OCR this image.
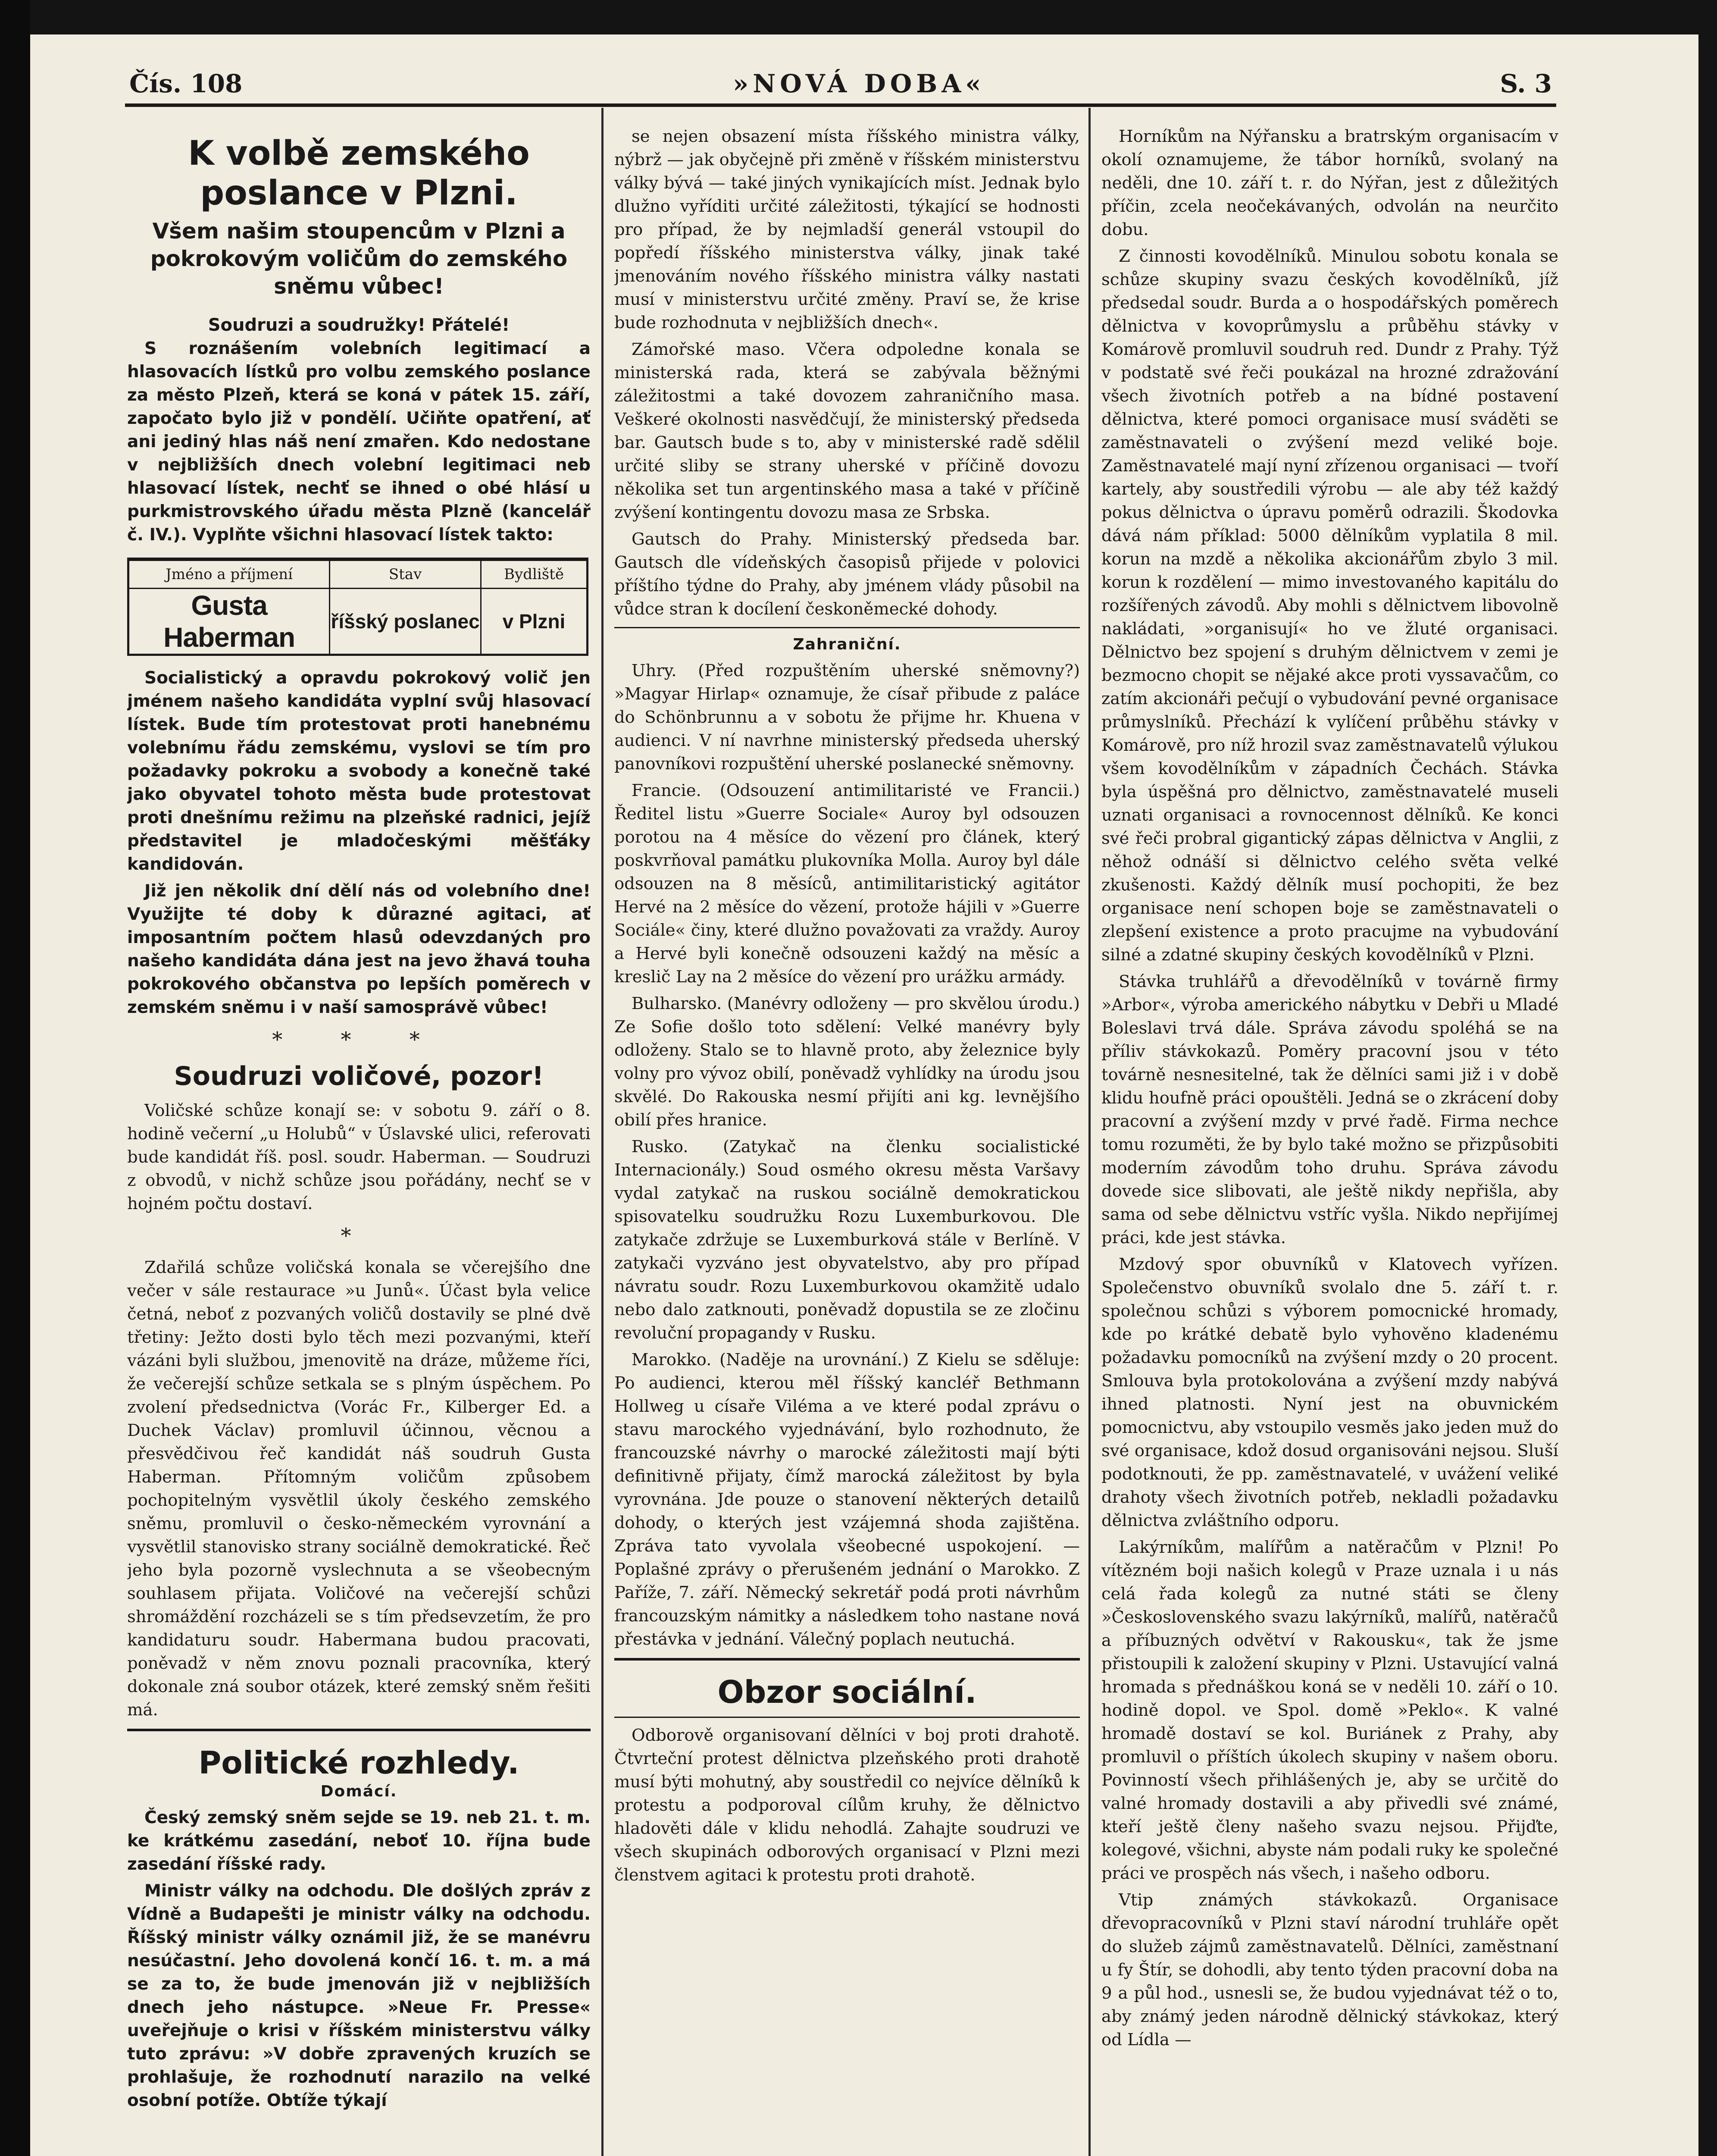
Čís. 108	»NOVÁ DOBA«	S. 3

K volbě zemského poslance v Plzni.

Všem našim stoupencům v Plzni a pokrokovým voličům do zemského sněmu vůbec!

Soudruzi a soudružky! Přátelé!

S roznášením volebních legitimací a hlasovacích lístků pro volbu zemského poslance za město Plzeň, která se koná v pátek 15. září, započato bylo již v pondělí. Učiňte opatření, ať ani jediný hlas náš není zmařen. Kdo nedostane v nejbližších dnech volební legitimaci neb hlasovací lístek, nechť se ihned o obé hlásí u purkmistrovského úřadu města Plzně (kancelář č. IV.). Vyplňte všichni hlasovací lístek takto:

Jméno a příjmení	Stav	Bydliště
Gusta Haberman	říšský poslanec	v Plzni

Socialistický a opravdu pokrokový volič jen jménem našeho kandidáta vyplní svůj hlasovací lístek. Bude tím protestovat proti hanebnému volebnímu řádu zemskému, vyslovi se tím pro požadavky pokroku a svobody a konečně také jako obyvatel tohoto města bude protestovat proti dnešnímu režimu na plzeňské radnici, jejíž představitel je mladočeskými měšťáky kandidován.

Již jen několik dní dělí nás od volebního dne! Využijte té doby k důrazné agitaci, ať imposantním počtem hlasů odevzdaných pro našeho kandidáta dána jest na jevo žhavá touha pokrokového občanstva po lepších poměrech v zemském sněmu i v naší samosprávě vůbec!

* * *

Soudruzi voličové, pozor!

Voličské schůze konají se: v sobotu 9. září o 8. hodině večerní „u Holubů“ v Úslavské ulici, referovati bude kandidát říš. posl. soudr. Haberman. — Soudruzi z obvodů, v nichž schůze jsou pořádány, nechť se v hojném počtu dostaví.

*

Zdařilá schůze voličská konala se včerejšího dne večer v sále restaurace »u Junů«. Účast byla velice četná, neboť z pozvaných voličů dostavily se plné dvě třetiny: Ježto dosti bylo těch mezi pozvanými, kteří vázáni byli službou, jmenovitě na dráze, můžeme říci, že večerejší schůze setkala se s plným úspěchem. Po zvolení předsednictva (Vorác Fr., Kilberger Ed. a Duchek Václav) promluvil účinnou, věcnou a přesvědčivou řeč kandidát náš soudruh Gusta Haberman. Přítomným voličům způsobem pochopitelným vysvětlil úkoly českého zemského sněmu, promluvil o česko-německém vyrovnání a vysvětlil stanovisko strany sociálně demokratické. Řeč jeho byla pozorně vyslechnuta a se všeobecným souhlasem přijata. Voličové na večerejší schůzi shromáždění rozcházeli se s tím předsevzetím, že pro kandidaturu soudr. Habermana budou pracovati, poněvadž v něm znovu poznali pracovníka, který dokonale zná soubor otázek, které zemský sněm řešiti má.

Politické rozhledy.

Domácí.

Český zemský sněm sejde se 19. neb 21. t. m. ke krátkému zasedání, neboť 10. října bude zasedání říšské rady.

Ministr války na odchodu. Dle došlých zpráv z Vídně a Budapešti je ministr války na odchodu. Říšský ministr války oznámil již, že se manévru nesúčastní. Jeho dovolená končí 16. t. m. a má se za to, že bude jmenován již v nejbližších dnech jeho nástupce. »Neue Fr. Presse« uveřejňuje o krisi v říšském ministerstvu války tuto zprávu: »V dobře zpravených kruzích se prohlašuje, že rozhodnutí narazilo na velké osobní potíže. Obtíže týkají

se nejen obsazení místa říšského ministra války, nýbrž — jak obyčejně při změně v říšském ministerstvu války bývá — také jiných vynikajících míst. Jednak bylo dlužno vyříditi určité záležitosti, týkající se hodnosti pro případ, že by nejmladší generál vstoupil do popředí říšského ministerstva války, jinak také jmenováním nového říšského ministra války nastati musí v ministerstvu určité změny. Praví se, že krise bude rozhodnuta v nejbližších dnech«.

Zámořské maso. Včera odpoledne konala se ministerská rada, která se zabývala běžnými záležitostmi a také dovozem zahraničního masa. Veškeré okolnosti nasvědčují, že ministerský předseda bar. Gautsch bude s to, aby v ministerské radě sdělil určité sliby se strany uherské v příčině dovozu několika set tun argentinského masa a také v příčině zvýšení kontingentu dovozu masa ze Srbska.

Gautsch do Prahy. Ministerský předseda bar. Gautsch dle vídeňských časopisů přijede v polovici příštího týdne do Prahy, aby jménem vlády působil na vůdce stran k docílení českoněmecké dohody.

Zahraniční.

Uhry. (Před rozpuštěním uherské sněmovny?) »Magyar Hirlap« oznamuje, že císař přibude z paláce do Schönbrunnu a v sobotu že přijme hr. Khuena v audienci. V ní navrhne ministerský předseda uherský panovníkovi rozpuštění uherské poslanecké sněmovny.

Francie. (Odsouzení antimilitaristé ve Francii.) Ředitel listu »Guerre Sociale« Auroy byl odsouzen porotou na 4 měsíce do vězení pro článek, který poskvrňoval památku plukovníka Molla. Auroy byl dále odsouzen na 8 měsíců, antimilitaristický agitátor Hervé na 2 měsíce do vězení, protože hájili v »Guerre Sociále« činy, které dlužno považovati za vraždy. Auroy a Hervé byli konečně odsouzeni každý na měsíc a kreslič Lay na 2 měsíce do vězení pro urážku armády.

Bulharsko. (Manévry odloženy — pro skvělou úrodu.) Ze Sofie došlo toto sdělení: Velké manévry byly odloženy. Stalo se to hlavně proto, aby železnice byly volny pro vývoz obilí, poněvadž vyhlídky na úrodu jsou skvělé. Do Rakouska nesmí přijíti ani kg. levnějšího obilí přes hranice.

Rusko. (Zatykač na členku socialistické Internacionály.) Soud osmého okresu města Varšavy vydal zatykač na ruskou sociálně demokratickou spisovatelku soudružku Rozu Luxemburkovou. Dle zatykače zdržuje se Luxemburková stále v Berlíně. V zatykači vyzváno jest obyvatelstvo, aby pro případ návratu soudr. Rozu Luxemburkovou okamžitě udalo nebo dalo zatknouti, poněvadž dopustila se ze zločinu revoluční propagandy v Rusku.

Marokko. (Naděje na urovnání.) Z Kielu se sděluje: Po audienci, kterou měl říšský kancléř Bethmann Hollweg u císaře Viléma a ve které podal zprávu o stavu marockého vyjednávání, bylo rozhodnuto, že francouzské návrhy o marocké záležitosti mají býti definitivně přijaty, čímž marocká záležitost by byla vyrovnána. Jde pouze o stanovení některých detailů dohody, o kterých jest vzájemná shoda zajištěna. Zpráva tato vyvolala všeobecné uspokojení. — Poplašné zprávy o přerušeném jednání o Marokko. Z Paříže, 7. září. Německý sekretář podá proti návrhům francouzským námitky a následkem toho nastane nová přestávka v jednání. Válečný poplach neutuchá.

Obzor sociální.

Odborově organisovaní dělníci v boj proti drahotě. Čtvrteční protest dělnictva plzeňského proti drahotě musí býti mohutný, aby soustředil co nejvíce dělníků k protestu a podporoval cílům kruhy, že dělnictvo hladověti dále v klidu nehodlá. Zahajte soudruzi ve všech skupinách odborových organisací v Plzni mezi členstvem agitaci k protestu proti drahotě.

Horníkům na Nýřansku a bratrským organisacím v okolí oznamujeme, že tábor horníků, svolaný na neděli, dne 10. září t. r. do Nýřan, jest z důležitých příčin, zcela neočekávaných, odvolán na neurčito dobu.

Z činnosti kovodělníků. Minulou sobotu konala se schůze skupiny svazu českých kovodělníků, jíž předsedal soudr. Burda a o hospodářských poměrech dělnictva v kovoprůmyslu a průběhu stávky v Komárově promluvil soudruh red. Dundr z Prahy. Týž v podstatě své řeči poukázal na hrozné zdražování všech životních potřeb a na bídné postavení dělnictva, které pomoci organisace musí sváděti se zaměstnavateli o zvýšení mezd veliké boje. Zaměstnavatelé mají nyní zřízenou organisaci — tvoří kartely, aby soustředili výrobu — ale aby též každý pokus dělnictva o úpravu poměrů odrazili. Škodovka dává nám příklad: 5000 dělníkům vyplatila 8 mil. korun na mzdě a několika akcionářům zbylo 3 mil. korun k rozdělení — mimo investovaného kapitálu do rozšířených závodů. Aby mohli s dělnictvem libovolně nakládati, »organisují« ho ve žluté organisaci. Dělnictvo bez spojení s druhým dělnictvem v zemi je bezmocno chopit se nějaké akce proti vyssavačům, co zatím akcionáři pečují o vybudování pevné organisace průmyslníků. Přechází k vylíčení průběhu stávky v Komárově, pro níž hrozil svaz zaměstnavatelů výlukou všem kovodělníkům v západních Čechách. Stávka byla úspěšná pro dělnictvo, zaměstnavatelé museli uznati organisaci a rovnocennost dělníků. Ke konci své řeči probral gigantický zápas dělnictva v Anglii, z něhož odnáší si dělnictvo celého světa velké zkušenosti. Každý dělník musí pochopiti, že bez organisace není schopen boje se zaměstnavateli o zlepšení existence a proto pracujme na vybudování silné a zdatné skupiny českých kovodělníků v Plzni.

Stávka truhlářů a dřevodělníků v továrně firmy »Arbor«, výroba amerického nábytku v Debři u Mladé Boleslavi trvá dále. Správa závodu spoléhá se na příliv stávkokazů. Poměry pracovní jsou v této továrně nesnesitelné, tak že dělníci sami již i v době klidu houfně práci opouštěli. Jedná se o zkrácení doby pracovní a zvýšení mzdy v prvé řadě. Firma nechce tomu rozuměti, že by bylo také možno se přizpůsobiti moderním závodům toho druhu. Správa závodu dovede sice slibovati, ale ještě nikdy nepřišla, aby sama od sebe dělnictvu vstříc vyšla. Nikdo nepřijímej práci, kde jest stávka.

Mzdový spor obuvníků v Klatovech vyřízen. Společenstvo obuvníků svolalo dne 5. září t. r. společnou schůzi s výborem pomocnické hromady, kde po krátké debatě bylo vyhověno kladenému požadavku pomocníků na zvýšení mzdy o 20 procent. Smlouva byla protokolována a zvýšení mzdy nabývá ihned platnosti. Nyní jest na obuvnickém pomocnictvu, aby vstoupilo vesměs jako jeden muž do své organisace, kdož dosud organisováni nejsou. Sluší podotknouti, že pp. zaměstnavatelé, v uvážení veliké drahoty všech životních potřeb, nekladli požadavku dělnictva zvláštního odporu.

Lakýrníkům, malířům a natěračům v Plzni! Po vítězném boji našich kolegů v Praze uznala i u nás celá řada kolegů za nutné státi se členy »Československého svazu lakýrníků, malířů, natěračů a příbuzných odvětví v Rakousku«, tak že jsme přistoupili k založení skupiny v Plzni. Ustavující valná hromada s přednáškou koná se v neděli 10. září o 10. hodině dopol. ve Spol. domě »Peklo«. K valné hromadě dostaví se kol. Buriánek z Prahy, aby promluvil o příštích úkolech skupiny v našem oboru. Povinností všech přihlášených je, aby se určitě do valné hromady dostavili a aby přivedli své známé, kteří ještě členy našeho svazu nejsou. Přijďte, kolegové, všichni, abyste nám podali ruky ke společné práci ve prospěch nás všech, i našeho odboru.

Vtip známých stávkokazů. Organisace dřevopracovníků v Plzni staví národní truhláře opět do služeb zájmů zaměstnavatelů. Dělníci, zaměstnaní u fy Štír, se dohodli, aby tento týden pracovní doba na 9 a půl hod., usnesli se, že budou vyjednávat též o to, aby známý jeden národně dělnický stávkokaz, který od Lídla —
